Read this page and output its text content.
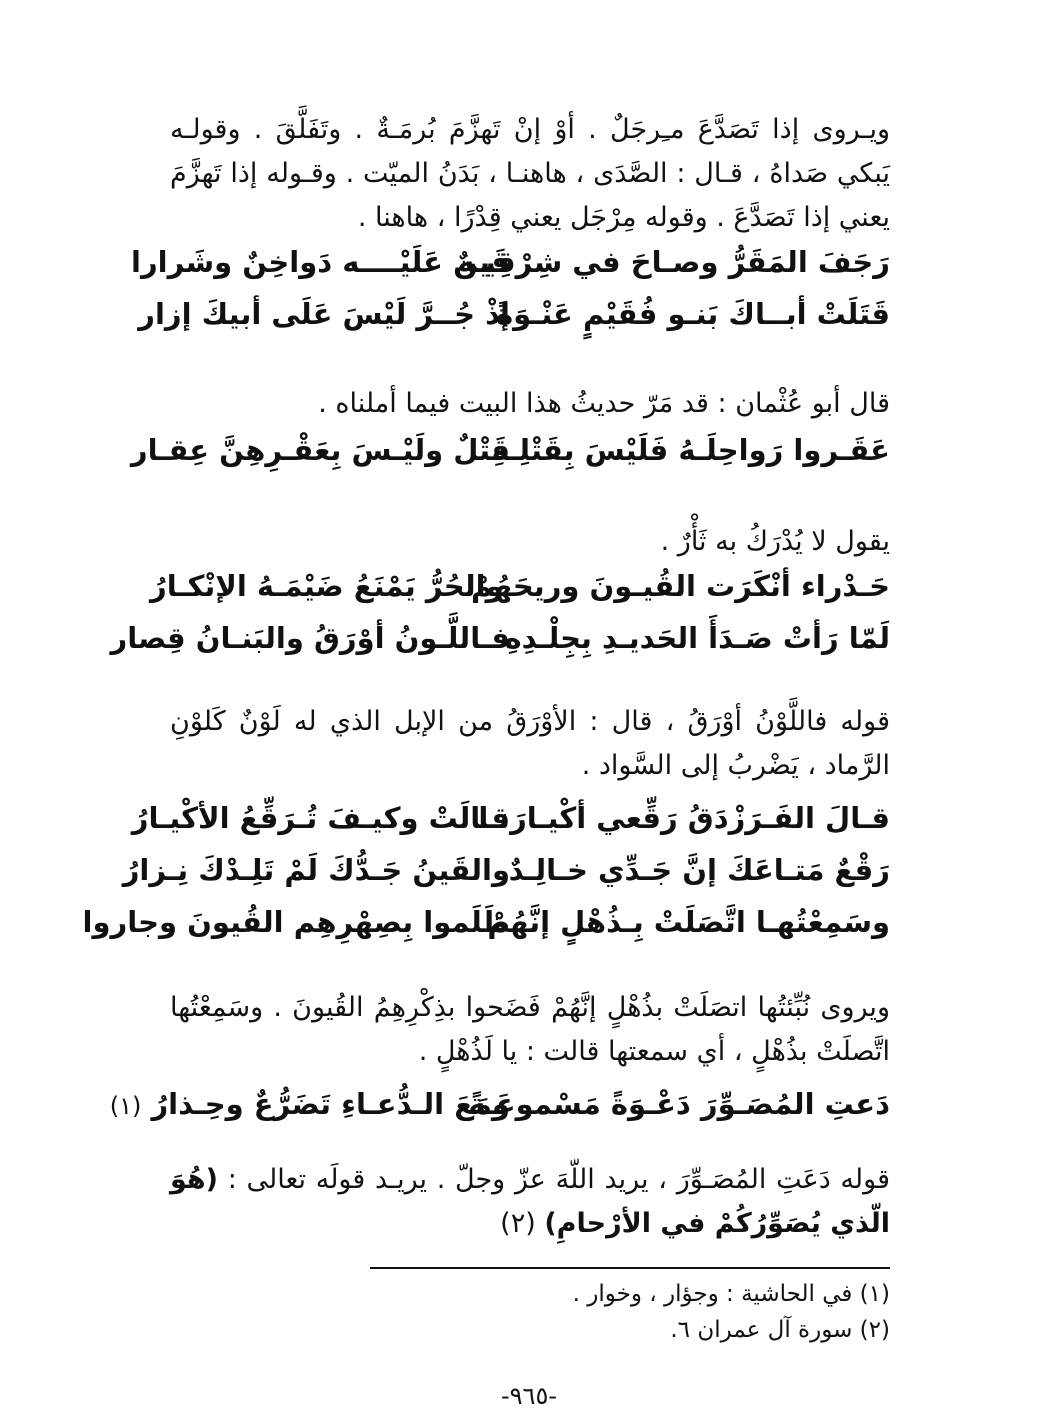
ويـروى إذا تَصَدَّعَ مـِرجَلٌ . أوْ إنْ تَهزَّمَ بُرمَـةٌ . وتَفَلَّقَ . وقولـه يَبكي صَداهُ ، قـال : الصَّدَى ، هاهنـا ، بَدَنُ الميّت . وقـوله إذا تَهزَّمَ يعني إذا تَصَدَّعَ . وقوله مِرْجَل يعني قِدْرًا ، هاهنا .

رَجَفَ المَقَرُّ وصـاحَ في شِرْقِيـه
قَينٌ عَلَيْــــه دَواخِنٌ وشَرارا
قَتَلَتْ أبــاكَ بَنـو فُقَيْمٍ عَنْـوَةً
إذْ جُــرَّ لَيْسَ عَلَى أبيكَ إزار

قال أبو عُثْمان : قد مَرّ حديثُ هذا البيت فيما أملناه .

عَقَـروا رَواحِلَـهُ فَلَيْسَ بِقَتْلِـهِ
قَتْلٌ ولَيْـسَ بِعَقْـرِهِنَّ عِقـار

يقول لا يُدْرَكُ به ثَأْرٌ .

حَـدْراء أنْكَرَت القُيـونَ وريحَهُمْ
والحُرُّ يَمْنَعُ ضَيْمَـهُ الإنْكـارُ
لَمّا رَأتْ صَـدَأَ الحَديـدِ بِجِلْـدِهِ
فـاللَّـونُ أوْرَقُ والبَنـانُ قِصار

قوله فاللَّوْنُ أوْرَقُ ، قال : الأوْرَقُ من الإبل الذي له لَوْنٌ كَلوْنِ الرَّماد ، يَضْربُ إلى السَّواد .

قـالَ الفَـرَزْدَقُ رَقِّعي أكْيـارَنـا
قـالَتْ وكيـفَ تُـرَقِّعُ الأكْيـارُ
رَقْعٌ مَتـاعَكَ إنَّ جَـدِّي خـالِـدٌ
والقَينُ جَـدُّكَ لَمْ تَلِـدْكَ نِـزارُ
وسَمِعْتُهـا اتَّصَلَتْ بِـذُهْلٍ إنَّهُمْ
ظَلَموا بِصِهْرِهِم القُيونَ وجاروا

ويروى نُبِّئتُها اتصَلَتْ بذُهْلٍ إنَّهُمْ فَضَحوا بذِكْرِهِمُ القُيونَ . وسَمِعْتُها اتَّصلَتْ بذُهْلٍ ، أي سمعتها قالت : يا لَذُهْلٍ .

دَعتِ المُصَـوِّرَ دَعْـوَةً مَسْموعَـةً
ومَعَ الـدُّعـاءِ تَضَرُّعٌ وحِـذارُ (١)

قوله دَعَتِ المُصَـوِّرَ ، يريد اللّهَ عزّ وجلّ . يريـد قولَه تعالى : (هُوَ الّذي يُصَوِّرُكُمْ في الأرْحامِ) (٢)

(١) في الحاشية : وجؤار ، وخوار .
(٢) سورة آل عمران ٦.
-٩٦٥-
